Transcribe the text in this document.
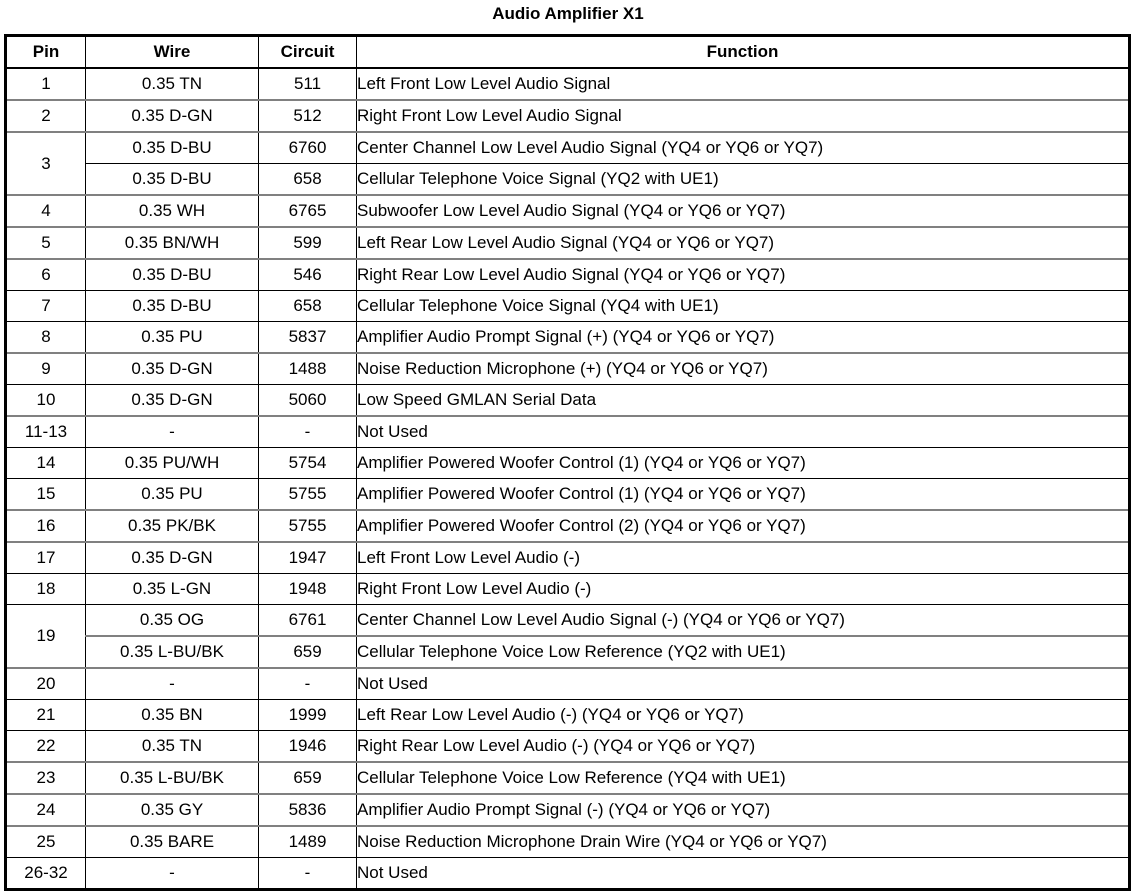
Audio Amplifier X1
Pin	Wire	Circuit	Function
1	0.35 TN	511	Left Front Low Level Audio Signal
2	0.35 D-GN	512	Right Front Low Level Audio Signal
3	0.35 D-BU	6760	Center Channel Low Level Audio Signal (YQ4 or YQ6 or YQ7)
	0.35 D-BU	658	Cellular Telephone Voice Signal (YQ2 with UE1)
4	0.35 WH	6765	Subwoofer Low Level Audio Signal (YQ4 or YQ6 or YQ7)
5	0.35 BN/WH	599	Left Rear Low Level Audio Signal (YQ4 or YQ6 or YQ7)
6	0.35 D-BU	546	Right Rear Low Level Audio Signal (YQ4 or YQ6 or YQ7)
7	0.35 D-BU	658	Cellular Telephone Voice Signal (YQ4 with UE1)
8	0.35 PU	5837	Amplifier Audio Prompt Signal (+) (YQ4 or YQ6 or YQ7)
9	0.35 D-GN	1488	Noise Reduction Microphone (+) (YQ4 or YQ6 or YQ7)
10	0.35 D-GN	5060	Low Speed GMLAN Serial Data
11-13	-	-	Not Used
14	0.35 PU/WH	5754	Amplifier Powered Woofer Control (1) (YQ4 or YQ6 or YQ7)
15	0.35 PU	5755	Amplifier Powered Woofer Control (1) (YQ4 or YQ6 or YQ7)
16	0.35 PK/BK	5755	Amplifier Powered Woofer Control (2) (YQ4 or YQ6 or YQ7)
17	0.35 D-GN	1947	Left Front Low Level Audio (-)
18	0.35 L-GN	1948	Right Front Low Level Audio (-)
19	0.35 OG	6761	Center Channel Low Level Audio Signal (-) (YQ4 or YQ6 or YQ7)
	0.35 L-BU/BK	659	Cellular Telephone Voice Low Reference (YQ2 with UE1)
20	-	-	Not Used
21	0.35 BN	1999	Left Rear Low Level Audio (-) (YQ4 or YQ6 or YQ7)
22	0.35 TN	1946	Right Rear Low Level Audio (-) (YQ4 or YQ6 or YQ7)
23	0.35 L-BU/BK	659	Cellular Telephone Voice Low Reference (YQ4 with UE1)
24	0.35 GY	5836	Amplifier Audio Prompt Signal (-) (YQ4 or YQ6 or YQ7)
25	0.35 BARE	1489	Noise Reduction Microphone Drain Wire (YQ4 or YQ6 or YQ7)
26-32	-	-	Not Used
